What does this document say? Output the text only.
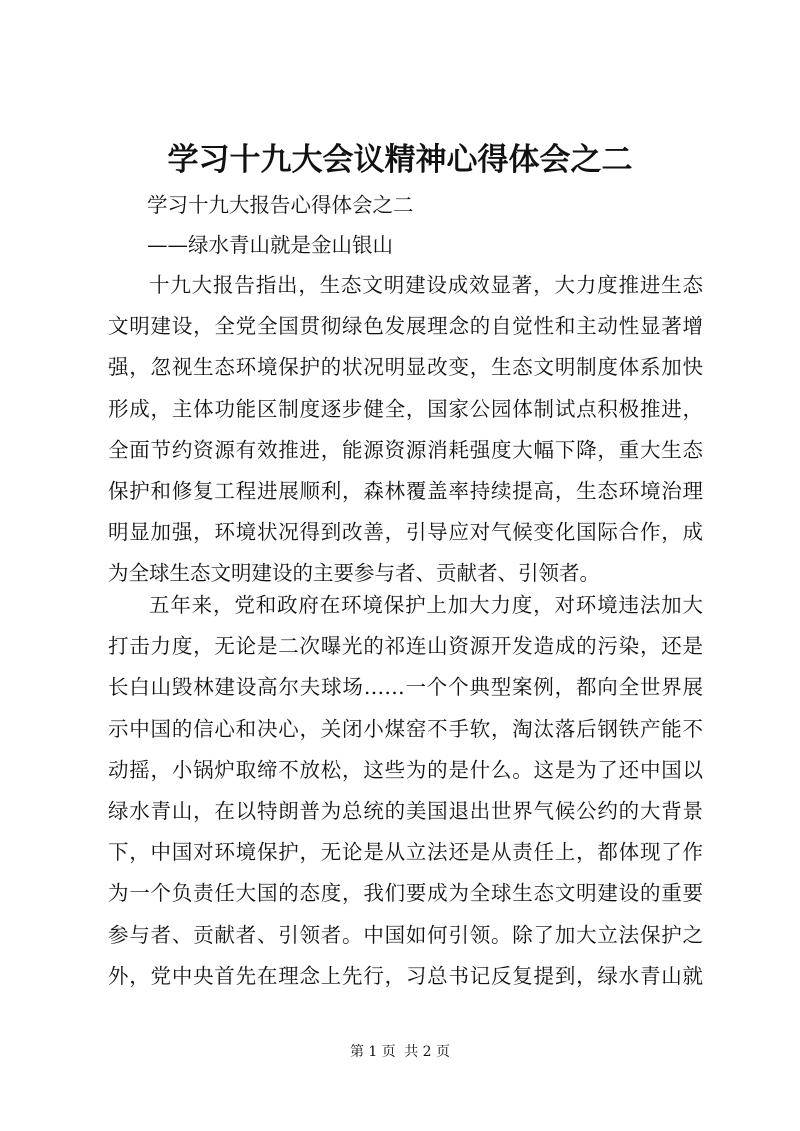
学习十九大会议精神心得体会之二
学习十九大报告心得体会之二
——绿水青山就是金山银山
十九大报告指出，生态文明建设成效显著，大力度推进生态
文明建设，全党全国贯彻绿色发展理念的自觉性和主动性显著增
强，忽视生态环境保护的状况明显改变，生态文明制度体系加快
形成，主体功能区制度逐步健全，国家公园体制试点积极推进，
全面节约资源有效推进，能源资源消耗强度大幅下降，重大生态
保护和修复工程进展顺利，森林覆盖率持续提高，生态环境治理
明显加强，环境状况得到改善，引导应对气候变化国际合作，成
为全球生态文明建设的主要参与者、贡献者、引领者。
五年来，党和政府在环境保护上加大力度，对环境违法加大
打击力度，无论是二次曝光的祁连山资源开发造成的污染，还是
长白山毁林建设高尔夫球场……一个个典型案例，都向全世界展
示中国的信心和决心，关闭小煤窑不手软，淘汰落后钢铁产能不
动摇，小锅炉取缔不放松，这些为的是什么。这是为了还中国以
绿水青山，在以特朗普为总统的美国退出世界气候公约的大背景
下，中国对环境保护，无论是从立法还是从责任上，都体现了作
为一个负责任大国的态度，我们要成为全球生态文明建设的重要
参与者、贡献者、引领者。中国如何引领。除了加大立法保护之
外，党中央首先在理念上先行，习总书记反复提到，绿水青山就
第 1 页 共 2 页
